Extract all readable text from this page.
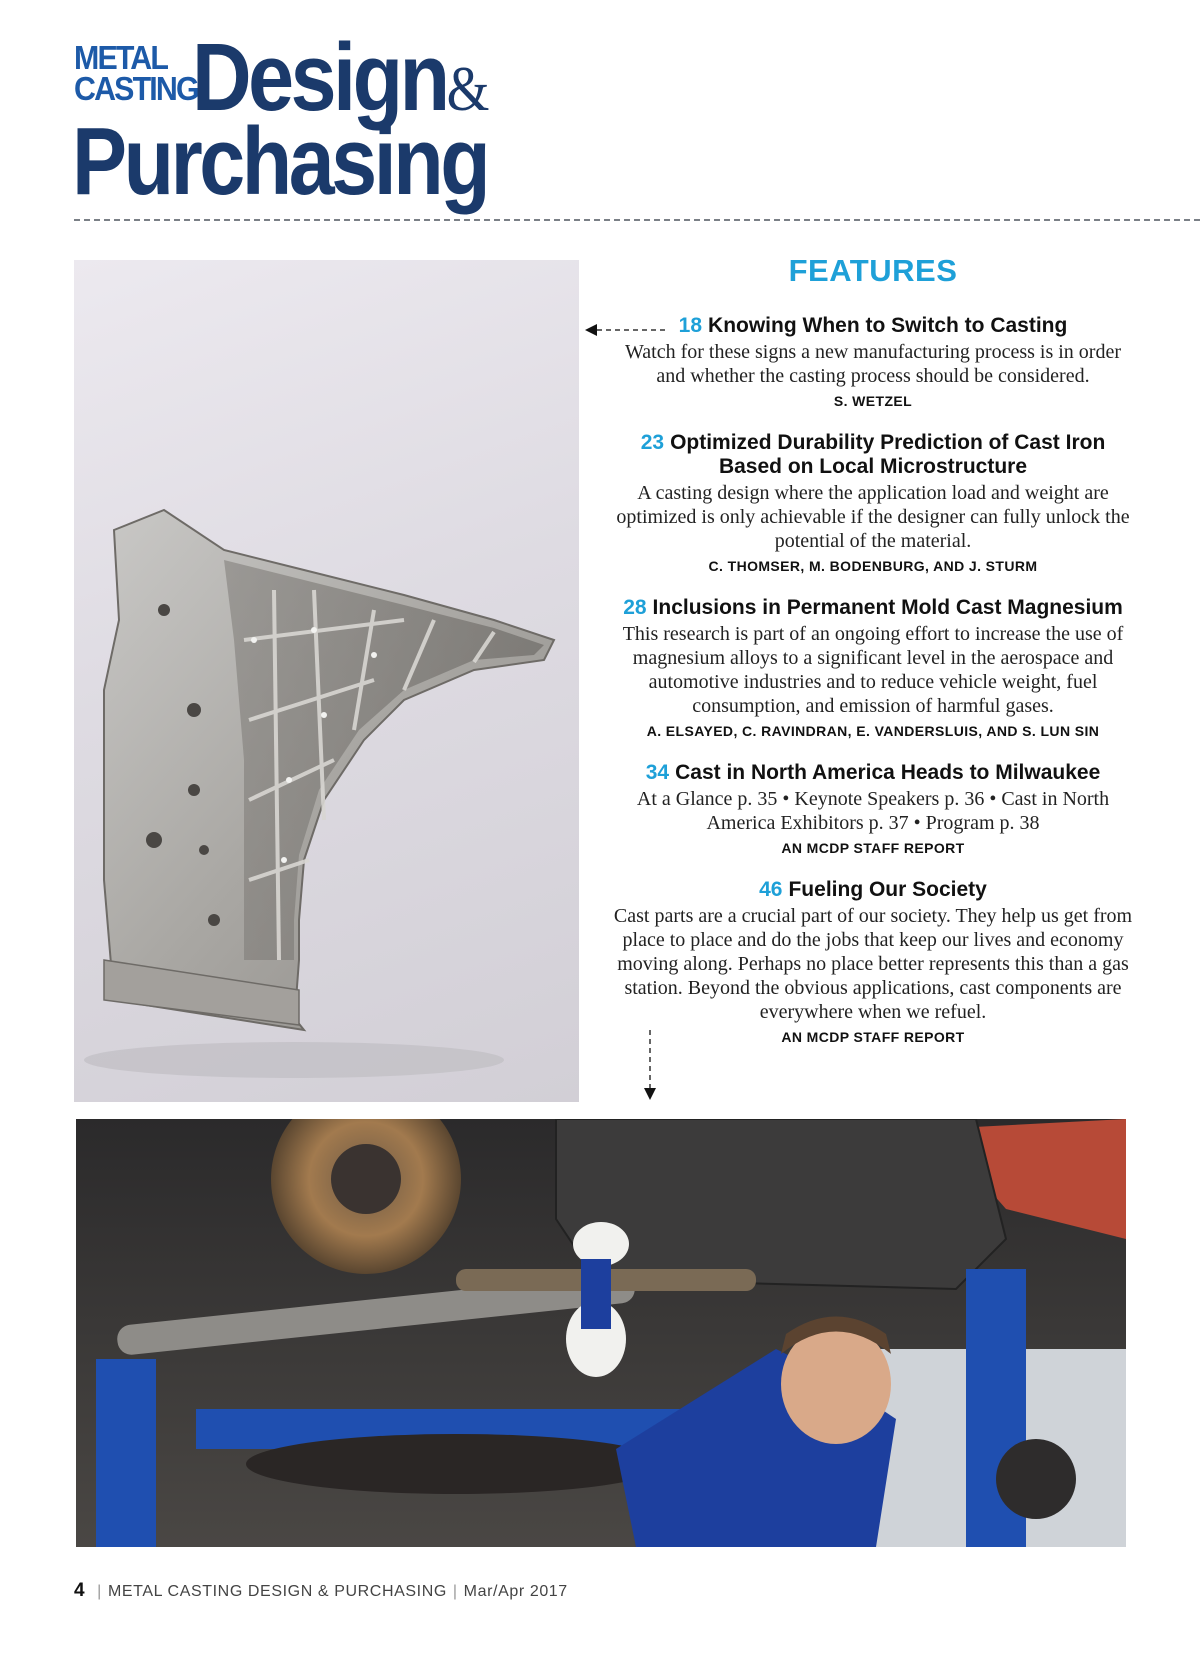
METAL
CASTING
Design&
Purchasing
FEATURES
18 Knowing When to Switch to Casting
Watch for these signs a new manufacturing process is in order and whether the casting process should be considered.
S. WETZEL
23 Optimized Durability Prediction of Cast Iron Based on Local Microstructure
A casting design where the application load and weight are optimized is only achievable if the designer can fully unlock the potential of the material.
C. THOMSER, M. BODENBURG, AND J. STURM
28 Inclusions in Permanent Mold Cast Magnesium
This research is part of an ongoing effort to increase the use of magnesium alloys to a significant level in the aerospace and automotive industries and to reduce vehicle weight, fuel consumption, and emission of harmful gases.
A. ELSAYED, C. RAVINDRAN, E. VANDERSLUIS, AND S. LUN SIN
34 Cast in North America Heads to Milwaukee
At a Glance p. 35 • Keynote Speakers p. 36 • Cast in North America Exhibitors p. 37 • Program p. 38
AN MCDP STAFF REPORT
46 Fueling Our Society
Cast parts are a crucial part of our society. They help us get from place to place and do the jobs that keep our lives and economy moving along. Perhaps no place better represents this than a gas station. Beyond the obvious applications, cast components are everywhere when we refuel.
AN MCDP STAFF REPORT
4 | METAL CASTING DESIGN & PURCHASING | Mar/Apr 2017
